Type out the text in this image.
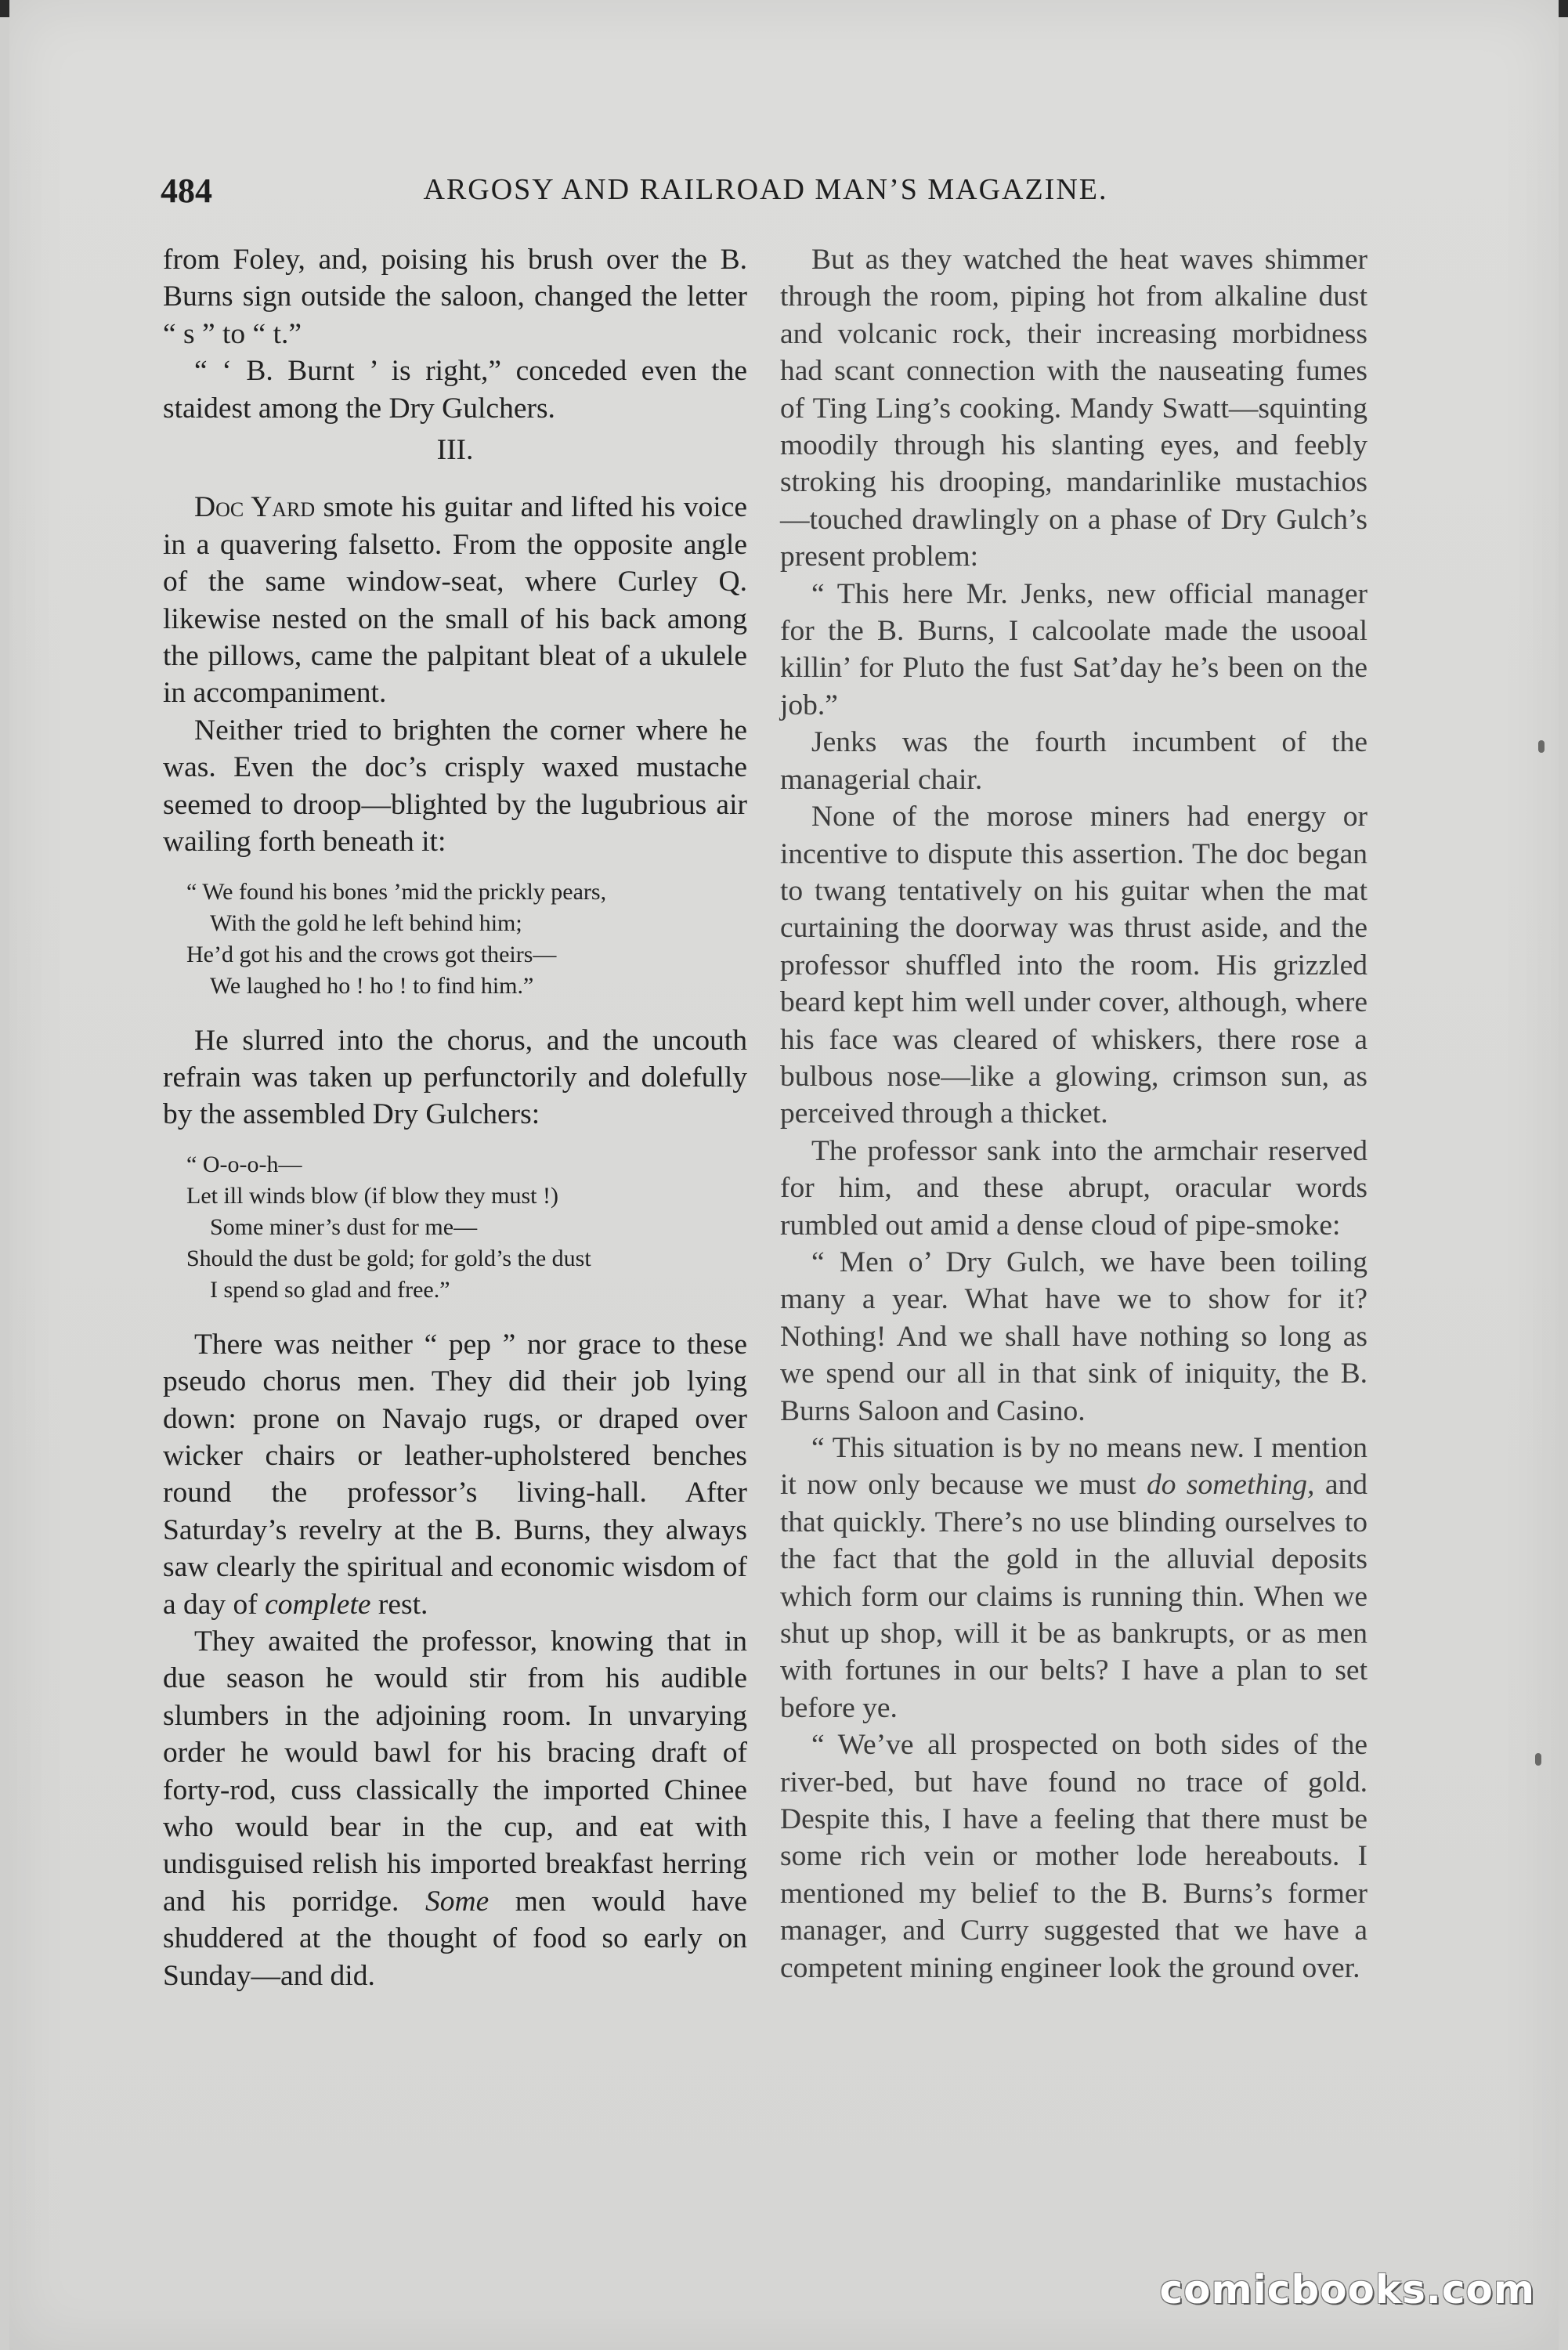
484	ARGOSY AND RAILROAD MAN’S MAGAZINE.

from Foley, and, poising his brush over the B. Burns sign outside the saloon, changed the letter “ s ” to “ t.”

“ ‘ B. Burnt ’ is right,” conceded even the staidest among the Dry Gulchers.

III.

Doc Yard smote his guitar and lifted his voice in a quavering falsetto. From the opposite angle of the same window-seat, where Curley Q. likewise nested on the small of his back among the pillows, came the palpitant bleat of a ukulele in accompaniment.

Neither tried to brighten the corner where he was. Even the doc’s crisply waxed mustache seemed to droop—blighted by the lugubrious air wailing forth beneath it:

“ We found his bones ’mid the prickly pears,
With the gold he left behind him;
He’d got his and the crows got theirs—
We laughed ho ! ho ! to find him.”

He slurred into the chorus, and the uncouth refrain was taken up perfunctorily and dolefully by the assembled Dry Gulchers:

“ O-o-o-h—
Let ill winds blow (if blow they must !)
Some miner’s dust for me—
Should the dust be gold; for gold’s the dust
I spend so glad and free.”

There was neither “ pep ” nor grace to these pseudo chorus men. They did their job lying down: prone on Navajo rugs, or draped over wicker chairs or leather-upholstered benches round the professor’s living-hall. After Saturday’s revelry at the B. Burns, they always saw clearly the spiritual and economic wisdom of a day of complete rest.

They awaited the professor, knowing that in due season he would stir from his audible slumbers in the adjoining room. In unvarying order he would bawl for his bracing draft of forty-rod, cuss classically the imported Chinee who would bear in the cup, and eat with undisguised relish his imported breakfast herring and his porridge. Some men would have shuddered at the thought of food so early on Sunday—and did.

But as they watched the heat waves shimmer through the room, piping hot from alkaline dust and volcanic rock, their increasing morbidness had scant connection with the nauseating fumes of Ting Ling’s cooking. Mandy Swatt—squinting moodily through his slanting eyes, and feebly stroking his drooping, mandarinlike mustachios—touched drawlingly on a phase of Dry Gulch’s present problem:

“ This here Mr. Jenks, new official manager for the B. Burns, I calcoolate made the usooal killin’ for Pluto the fust Sat’day he’s been on the job.”

Jenks was the fourth incumbent of the managerial chair.

None of the morose miners had energy or incentive to dispute this assertion. The doc began to twang tentatively on his guitar when the mat curtaining the doorway was thrust aside, and the professor shuffled into the room. His grizzled beard kept him well under cover, although, where his face was cleared of whiskers, there rose a bulbous nose—like a glowing, crimson sun, as perceived through a thicket.

The professor sank into the armchair reserved for him, and these abrupt, oracular words rumbled out amid a dense cloud of pipe-smoke:

“ Men o’ Dry Gulch, we have been toiling many a year. What have we to show for it? Nothing! And we shall have nothing so long as we spend our all in that sink of iniquity, the B. Burns Saloon and Casino.

“ This situation is by no means new. I mention it now only because we must do something, and that quickly. There’s no use blinding ourselves to the fact that the gold in the alluvial deposits which form our claims is running thin. When we shut up shop, will it be as bankrupts, or as men with fortunes in our belts? I have a plan to set before ye.

“ We’ve all prospected on both sides of the river-bed, but have found no trace of gold. Despite this, I have a feeling that there must be some rich vein or mother lode hereabouts. I mentioned my belief to the B. Burns’s former manager, and Curry suggested that we have a competent mining engineer look the ground over.

comicbooks.com
